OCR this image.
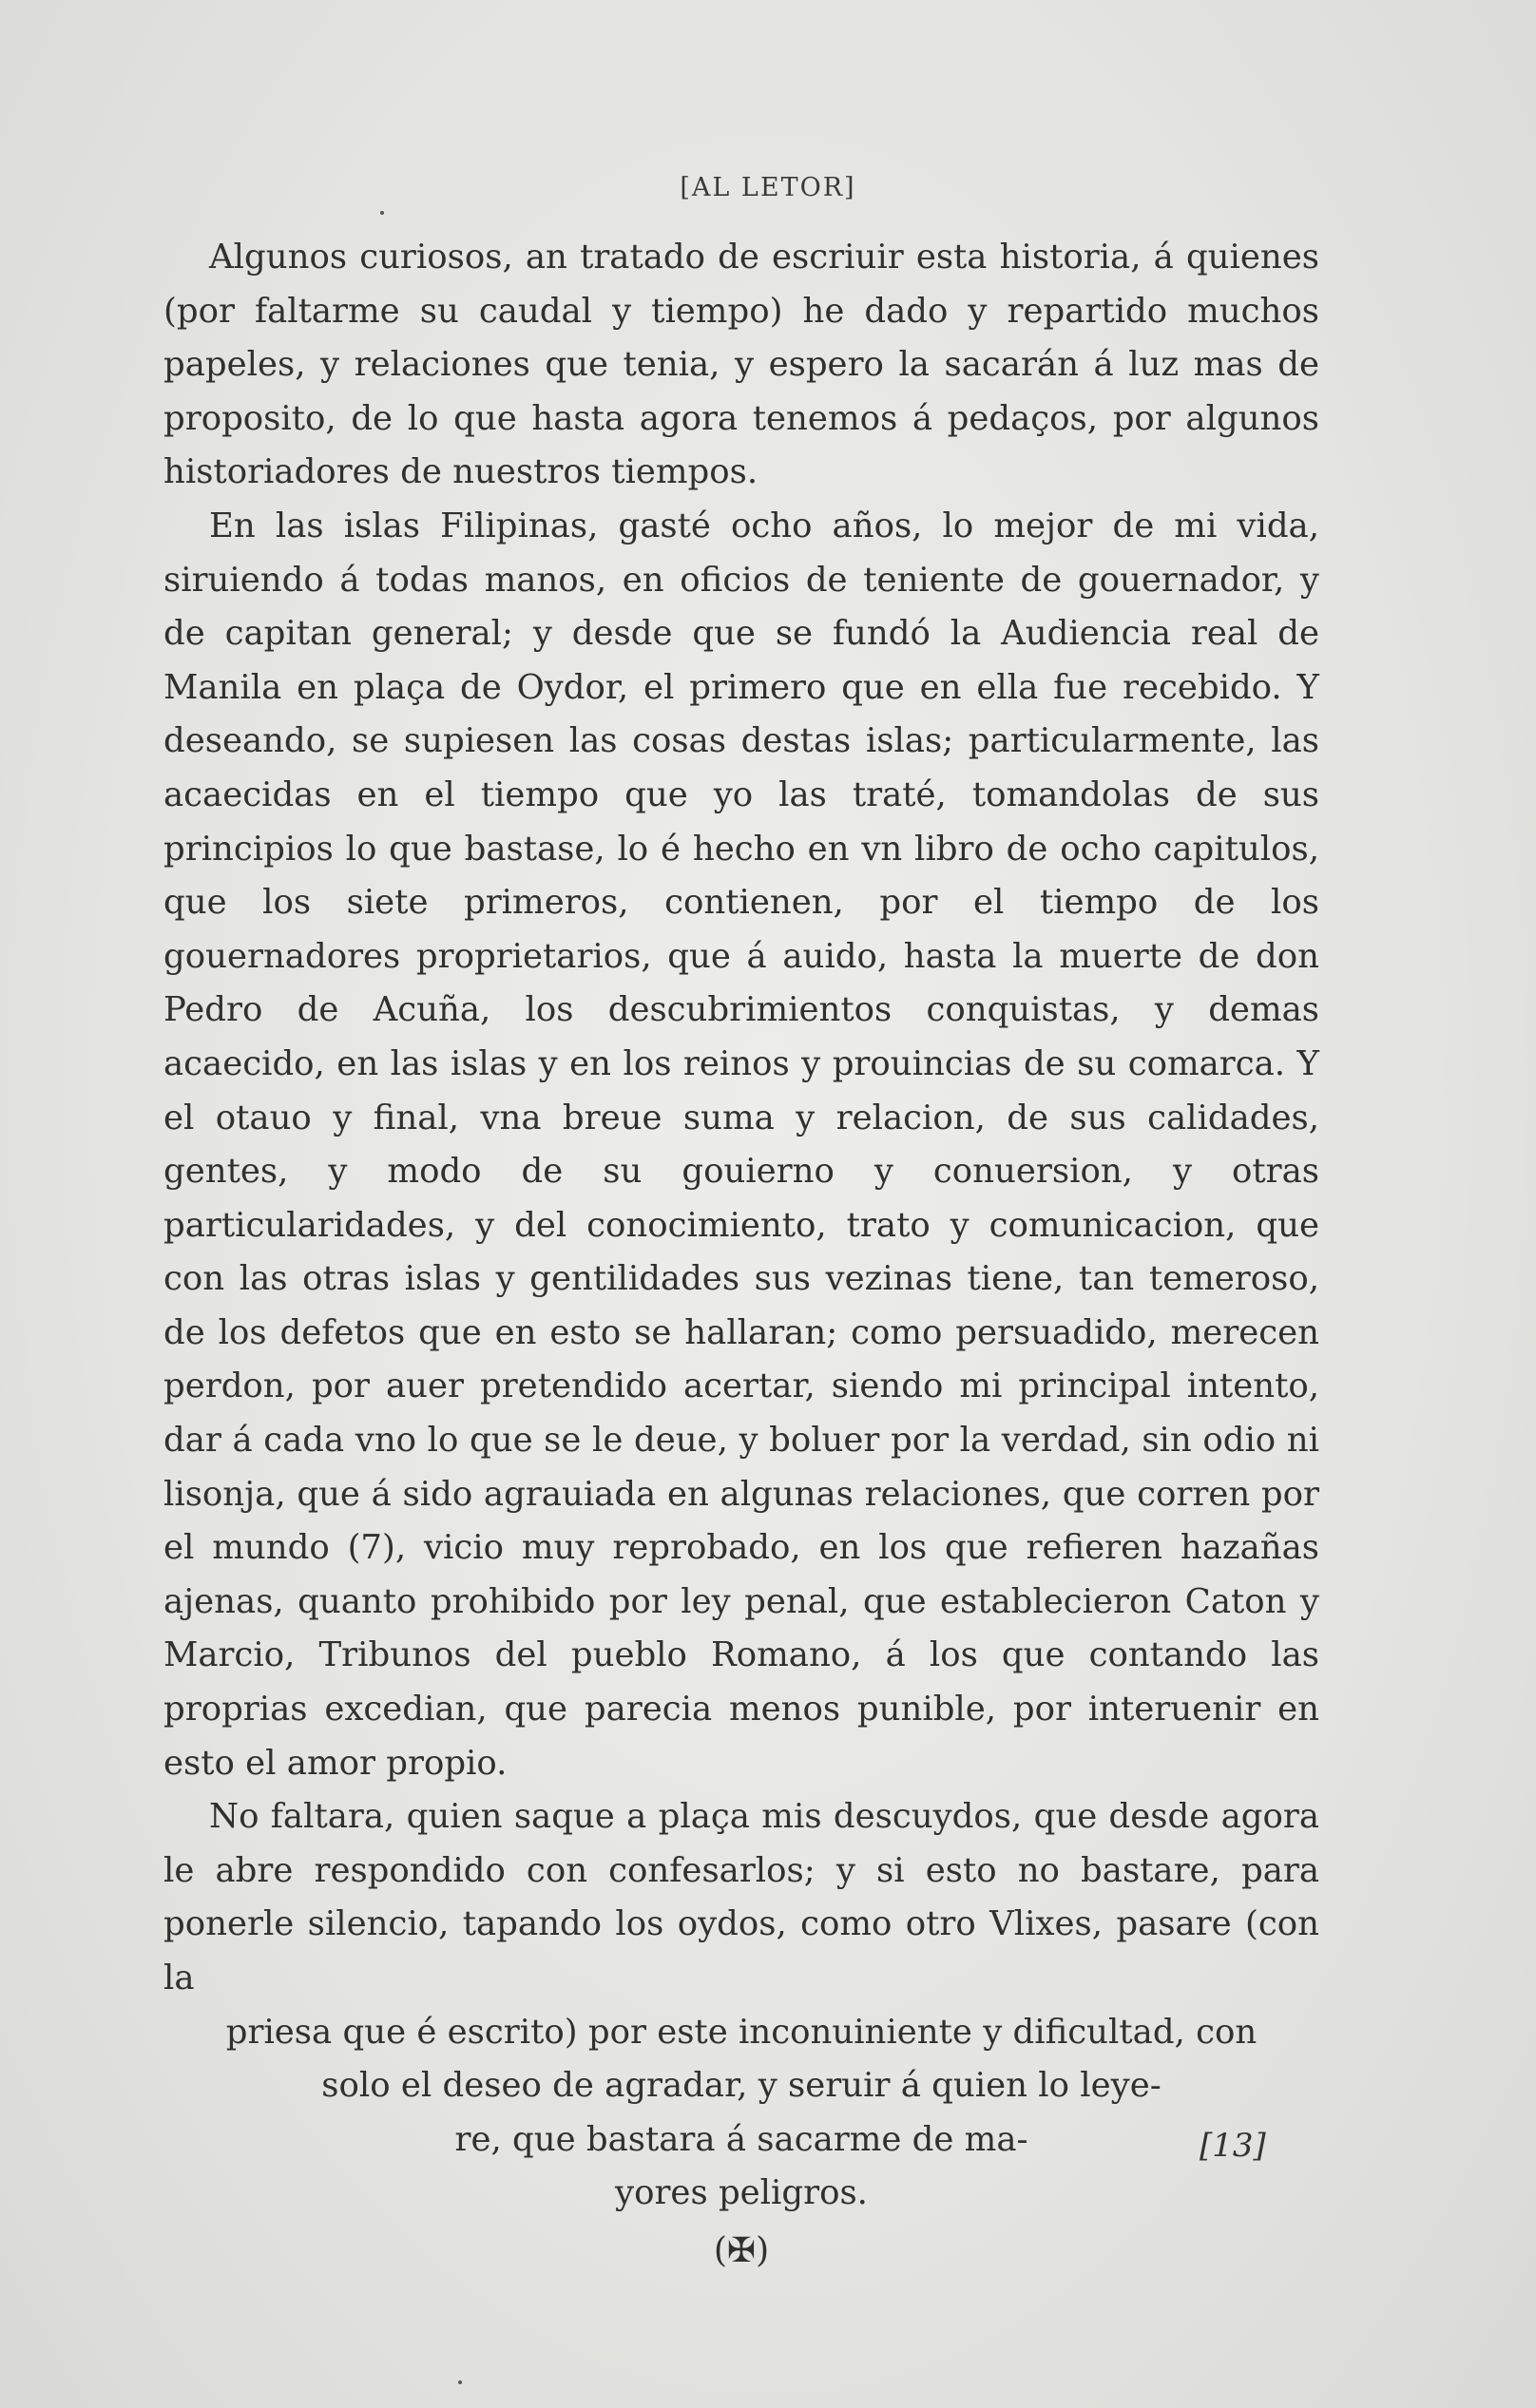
[AL LETOR]

Algunos curiosos, an tratado de escriuir esta historia, á quienes (por faltarme su caudal y tiempo) he dado y repartido muchos papeles, y relaciones que tenia, y espero la sacarán á luz mas de proposito, de lo que hasta agora tenemos á pedaços, por algunos historiadores de nuestros tiempos.

En las islas Filipinas, gasté ocho años, lo mejor de mi vida, siruiendo á todas manos, en oficios de teniente de gouernador, y de capitan general; y desde que se fundó la Audiencia real de Manila en plaça de Oydor, el primero que en ella fue recebido. Y deseando, se supiesen las cosas destas islas; particularmente, las acaecidas en el tiempo que yo las traté, tomandolas de sus principios lo que bastase, lo é hecho en vn libro de ocho capitulos, que los siete primeros, contienen, por el tiempo de los gouernadores proprietarios, que á auido, hasta la muerte de don Pedro de Acuña, los descubrimientos conquistas, y demas acaecido, en las islas y en los reinos y prouincias de su comarca. Y el otauo y final, vna breue suma y relacion, de sus calidades, gentes, y modo de su gouierno y conuersion, y otras particularidades, y del conocimiento, trato y comunicacion, que con las otras islas y gentilidades sus vezinas tiene, tan temeroso, de los defetos que en esto se hallaran; como persuadido, merecen perdon, por auer pretendido acertar, siendo mi principal intento, dar á cada vno lo que se le deue, y boluer por la verdad, sin odio ni lisonja, que á sido agrauiada en algunas relaciones, que corren por el mundo (7), vicio muy reprobado, en los que refieren hazañas ajenas, quanto prohibido por ley penal, que establecieron Caton y Marcio, Tribunos del pueblo Romano, á los que contando las proprias excedian, que parecia menos punible, por interuenir en esto el amor propio.

No faltara, quien saque a plaça mis descuydos, que desde agora le abre respondido con confesarlos; y si esto no bastare, para ponerle silencio, tapando los oydos, como otro Vlixes, pasare (con la

priesa que é escrito) por este inconuiniente y dificultad, con
solo el deseo de agradar, y seruir á quien lo leye-
re, que bastara á sacarme de ma-
yores peligros.
(✠)
[13]
